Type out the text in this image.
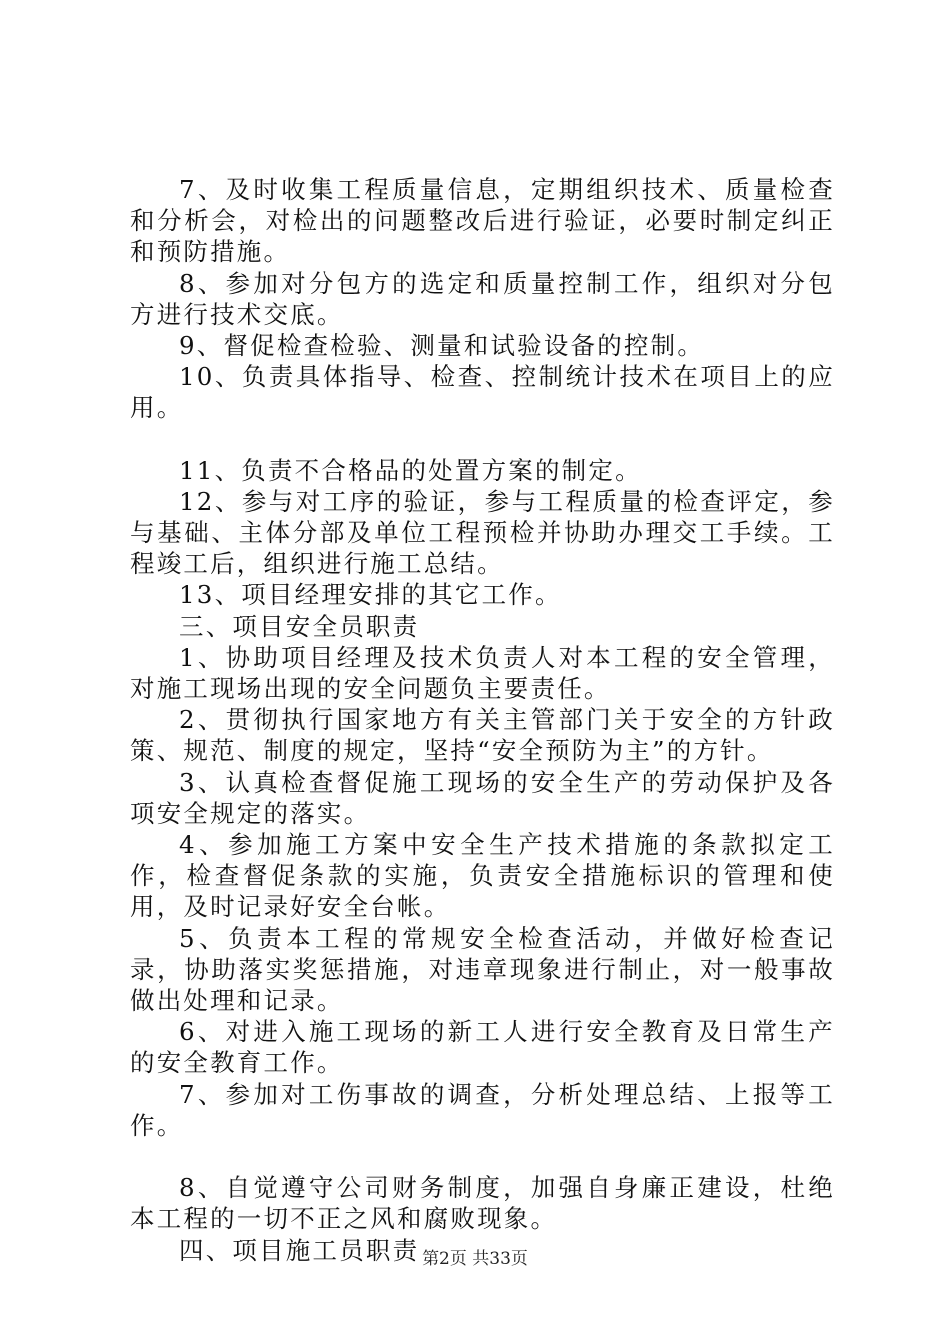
7、及时收集工程质量信息，定期组织技术、质量检查和分析会，对检出的问题整改后进行验证，必要时制定纠正和预防措施。

8、参加对分包方的选定和质量控制工作，组织对分包方进行技术交底。

9、督促检查检验、测量和试验设备的控制。

10、负责具体指导、检查、控制统计技术在项目上的应用。

11、负责不合格品的处置方案的制定。

12、参与对工序的验证，参与工程质量的检查评定，参与基础、主体分部及单位工程预检并协助办理交工手续。工程竣工后，组织进行施工总结。

13、项目经理安排的其它工作。

三、项目安全员职责

1、协助项目经理及技术负责人对本工程的安全管理，对施工现场出现的安全问题负主要责任。

2、贯彻执行国家地方有关主管部门关于安全的方针政策、规范、制度的规定，坚持“安全预防为主”的方针。

3、认真检查督促施工现场的安全生产的劳动保护及各项安全规定的落实。

4、参加施工方案中安全生产技术措施的条款拟定工作，检查督促条款的实施，负责安全措施标识的管理和使用，及时记录好安全台帐。

5、负责本工程的常规安全检查活动，并做好检查记录，协助落实奖惩措施，对违章现象进行制止，对一般事故做出处理和记录。

6、对进入施工现场的新工人进行安全教育及日常生产的安全教育工作。

7、参加对工伤事故的调查，分析处理总结、上报等工作。

8、自觉遵守公司财务制度，加强自身廉正建设，杜绝本工程的一切不正之风和腐败现象。

四、项目施工员职责 第2页 共33页
